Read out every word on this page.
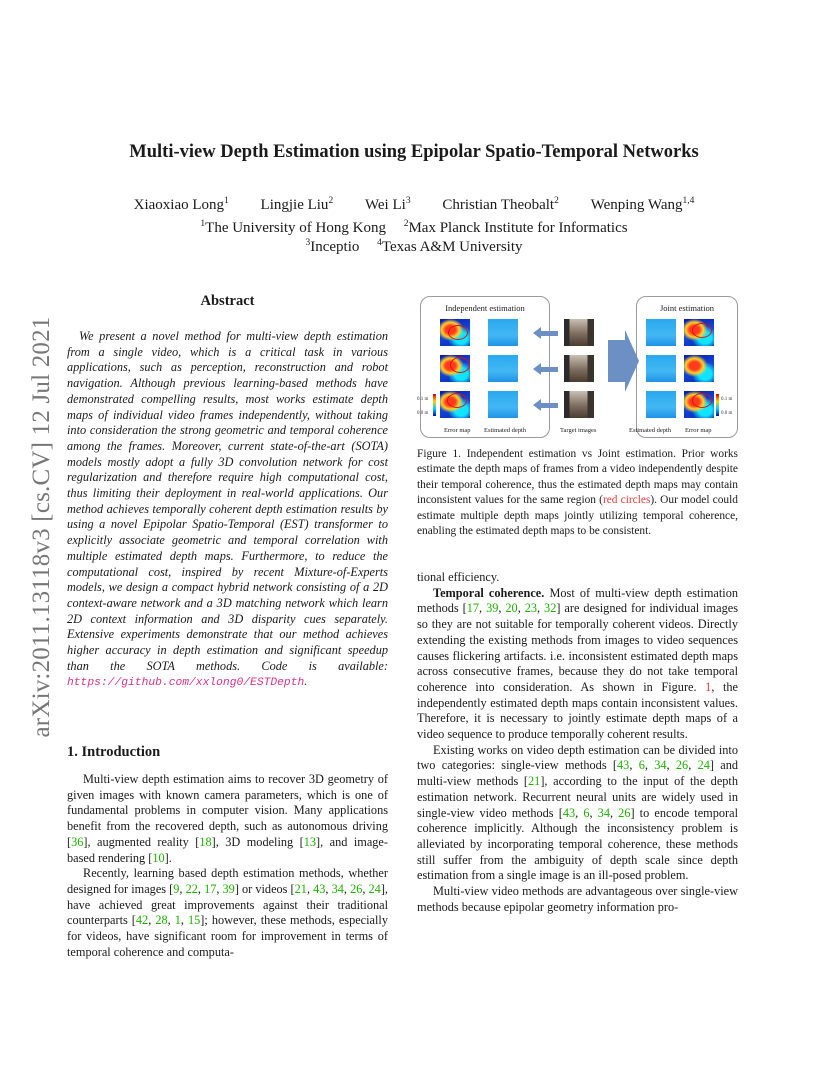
arXiv:2011.13118v3 [cs.CV] 12 Jul 2021
Multi-view Depth Estimation using Epipolar Spatio-Temporal Networks
Xiaoxiao Long$^1$ Lingjie Liu$^2$ Wei Li$^3$ Christian Theobalt$^2$ Wenping Wang$^{1,4}$
$^1$The University of Hong Kong $^2$Max Planck Institute for Informatics
$^3$Inceptio $^4$Texas A&M University
Abstract
We present a novel method for multi-view depth estimation from a single video, which is a critical task in various applications, such as perception, reconstruction and robot navigation. Although previous learning-based methods have demonstrated compelling results, most works estimate depth maps of individual video frames independently, without taking into consideration the strong geometric and temporal coherence among the frames. Moreover, current state-of-the-art (SOTA) models mostly adopt a fully 3D convolution network for cost regularization and therefore require high computational cost, thus limiting their deployment in real-world applications. Our method achieves temporally coherent depth estimation results by using a novel Epipolar Spatio-Temporal (EST) transformer to explicitly associate geometric and temporal correlation with multiple estimated depth maps. Furthermore, to reduce the computational cost, inspired by recent Mixture-of-Experts models, we design a compact hybrid network consisting of a 2D context-aware network and a 3D matching network which learn 2D context information and 3D disparity cues separately. Extensive experiments demonstrate that our method achieves higher accuracy in depth estimation and significant speedup than the SOTA methods. Code is available: https://github.com/xxlong0/ESTDepth.
1. Introduction

Multi-view depth estimation aims to recover 3D geometry of given images with known camera parameters, which is one of fundamental problems in computer vision. Many applications benefit from the recovered depth, such as autonomous driving [36], augmented reality [18], 3D modeling [13], and image-based rendering [10].

Recently, learning based depth estimation methods, whether designed for images [9, 22, 17, 39] or videos [21, 43, 34, 26, 24], have achieved great improvements against their traditional counterparts [42, 28, 1, 15]; however, these methods, especially for videos, have significant room for improvement in terms of temporal coherence and computa-

Independent estimation	Joint estimation
0.1 m
0.0 m
0.1 m
0.0 m
Error map Estimated depth	Target images	Estimated depth Error map
Figure 1. Independent estimation vs Joint estimation. Prior works estimate the depth maps of frames from a video independently despite their temporal coherence, thus the estimated depth maps may contain inconsistent values for the same region (red circles). Our model could estimate multiple depth maps jointly utilizing temporal coherence, enabling the estimated depth maps to be consistent.

tional efficiency.

Temporal coherence. Most of multi-view depth estimation methods [17, 39, 20, 23, 32] are designed for individual images so they are not suitable for temporally coherent videos. Directly extending the existing methods from images to video sequences causes flickering artifacts. i.e. inconsistent estimated depth maps across consecutive frames, because they do not take temporal coherence into consideration. As shown in Figure. 1, the independently estimated depth maps contain inconsistent values. Therefore, it is necessary to jointly estimate depth maps of a video sequence to produce temporally coherent results.

Existing works on video depth estimation can be divided into two categories: single-view methods [43, 6, 34, 26, 24] and multi-view methods [21], according to the input of the depth estimation network. Recurrent neural units are widely used in single-view video methods [43, 6, 34, 26] to encode temporal coherence implicitly. Although the inconsistency problem is alleviated by incorporating temporal coherence, these methods still suffer from the ambiguity of depth scale since depth estimation from a single image is an ill-posed problem.

Multi-view video methods are advantageous over single-view methods because epipolar geometry information pro-
